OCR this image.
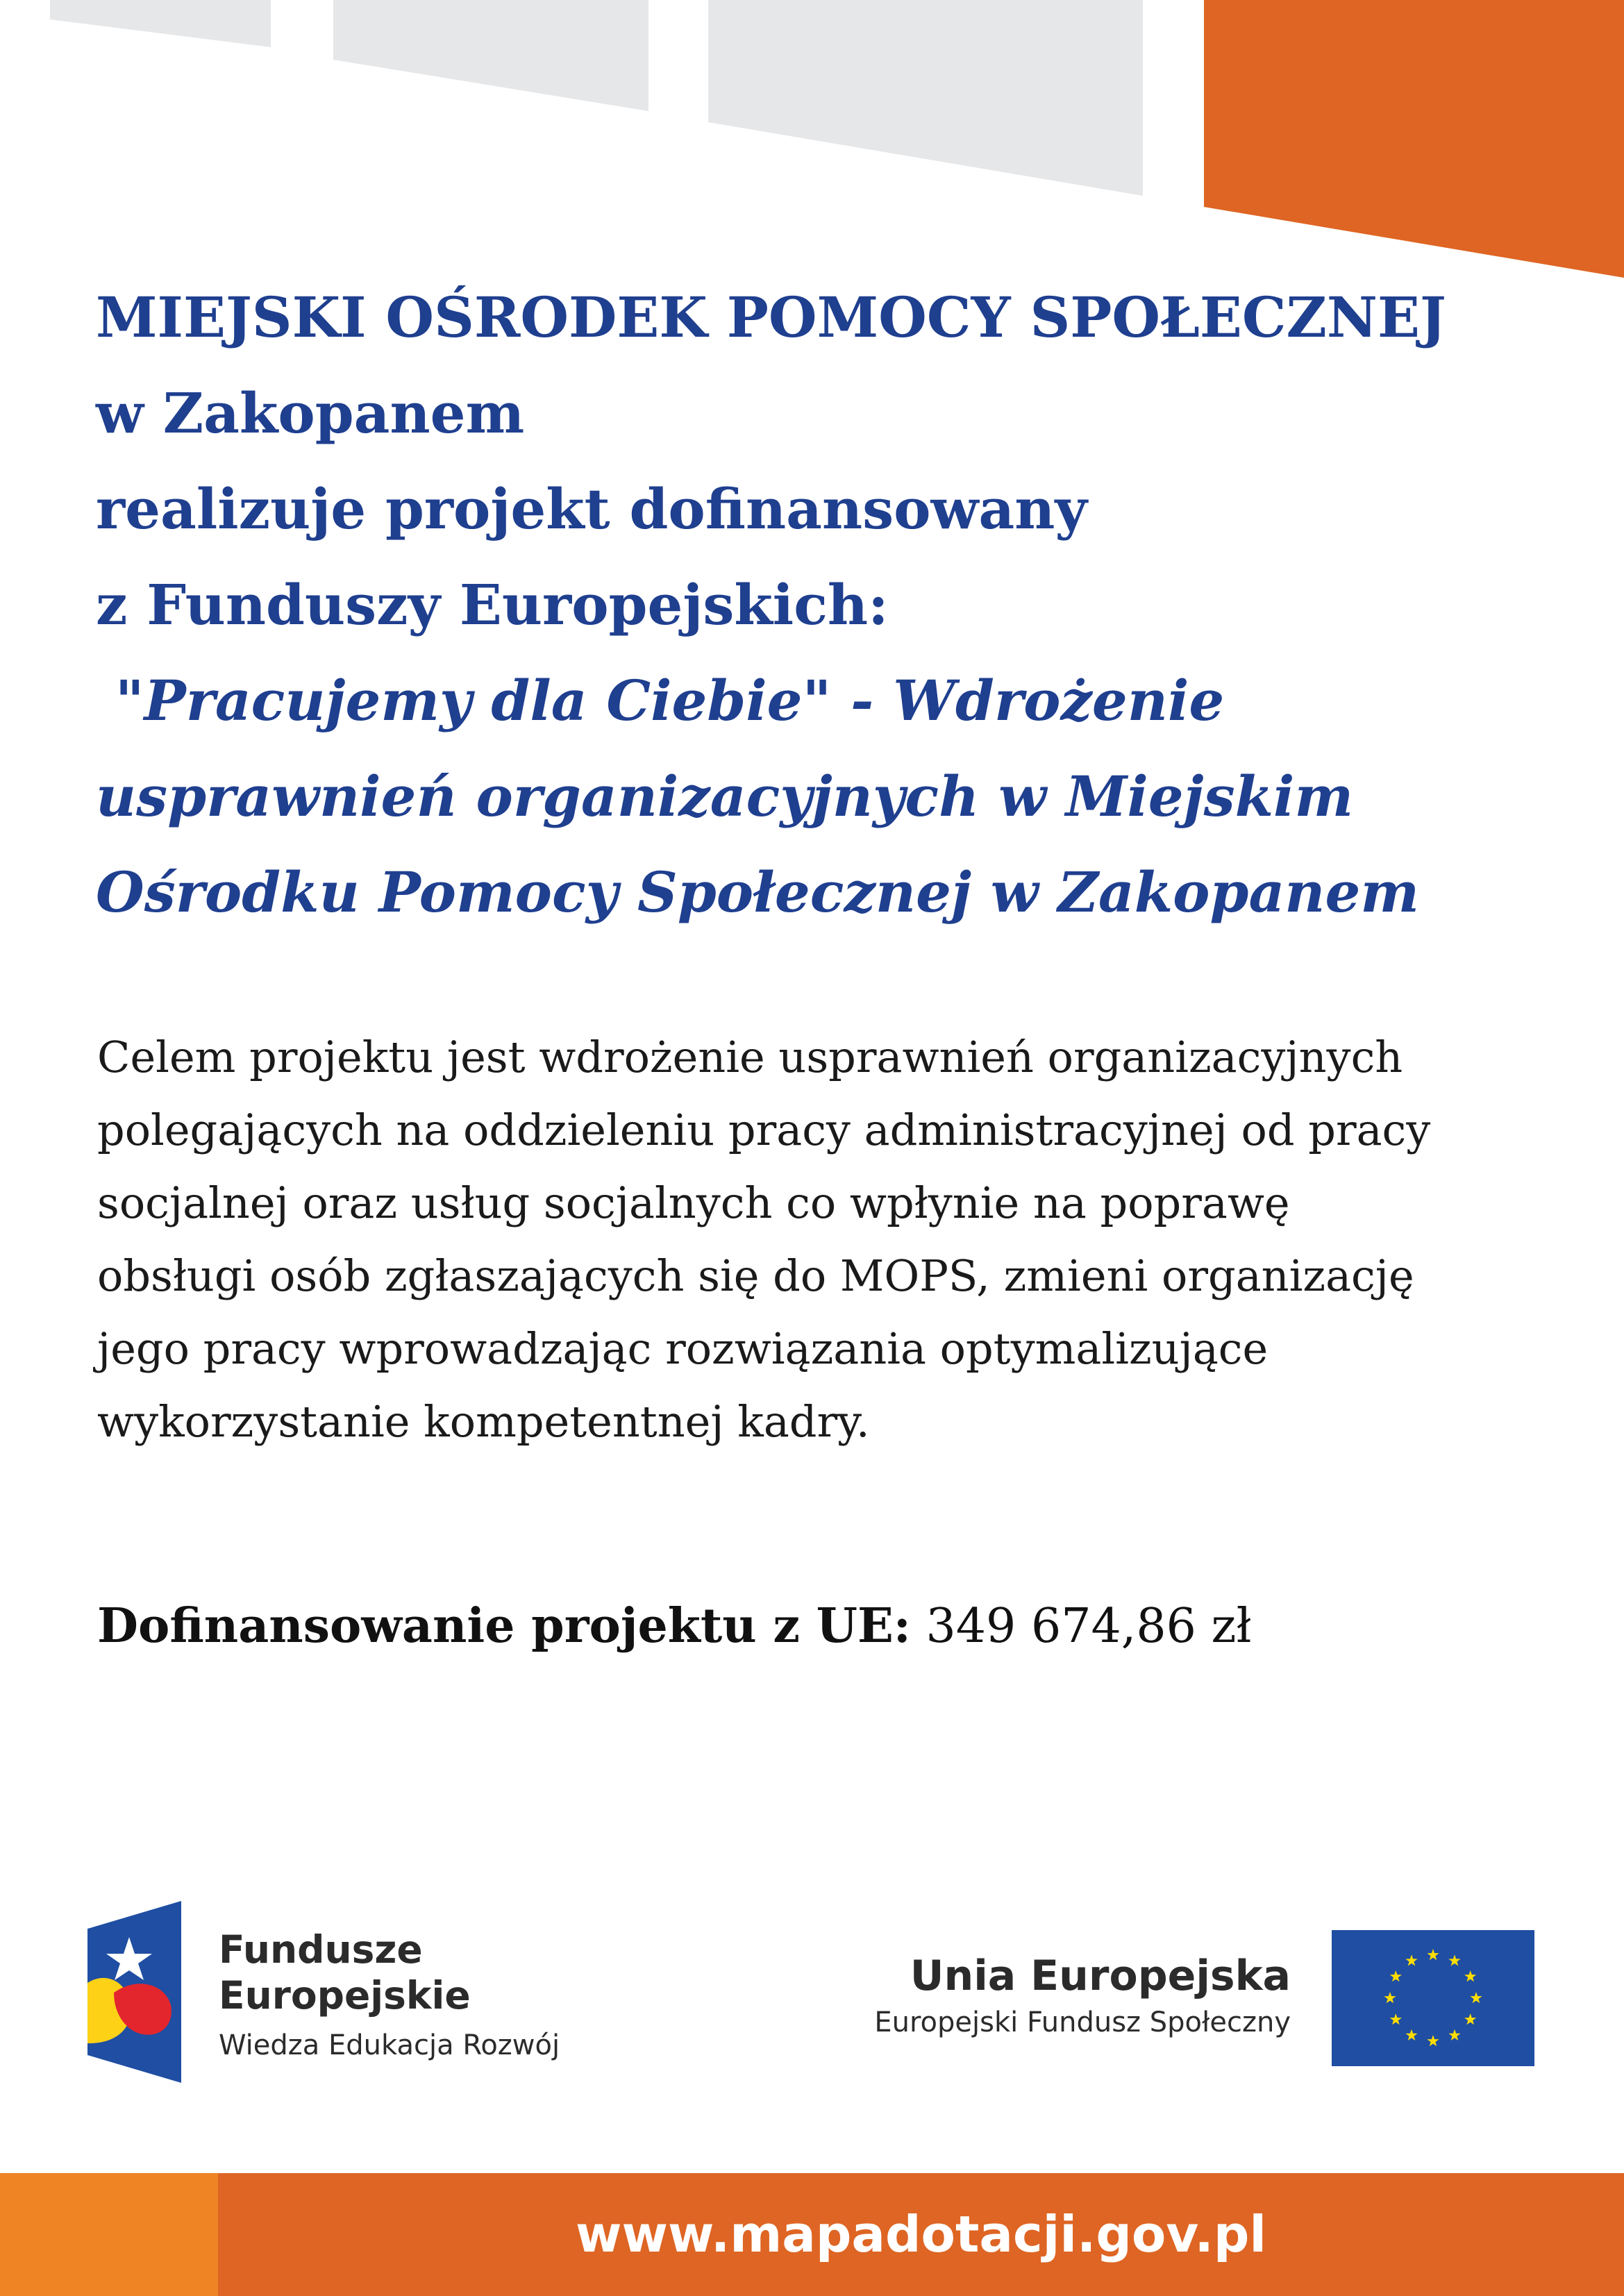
MIEJSKI OŚRODEK POMOCY SPOŁECZNEJ
w Zakopanem
realizuje projekt dofinansowany
z Funduszy Europejskich:
"Pracujemy dla Ciebie" - Wdrożenie
usprawnień organizacyjnych w Miejskim
Ośrodku Pomocy Społecznej w Zakopanem
Celem projektu jest wdrożenie usprawnień organizacyjnych
polegających na oddzieleniu pracy administracyjnej od pracy
socjalnej oraz usług socjalnych co wpłynie na poprawę
obsługi osób zgłaszających się do MOPS, zmieni organizację
jego pracy wprowadzając rozwiązania optymalizujące
wykorzystanie kompetentnej kadry.
Dofinansowanie projektu z UE: 349 674,86 zł
Fundusze
Europejskie
Wiedza Edukacja Rozwój
Unia Europejska
Europejski Fundusz Społeczny
www.mapadotacji.gov.pl
